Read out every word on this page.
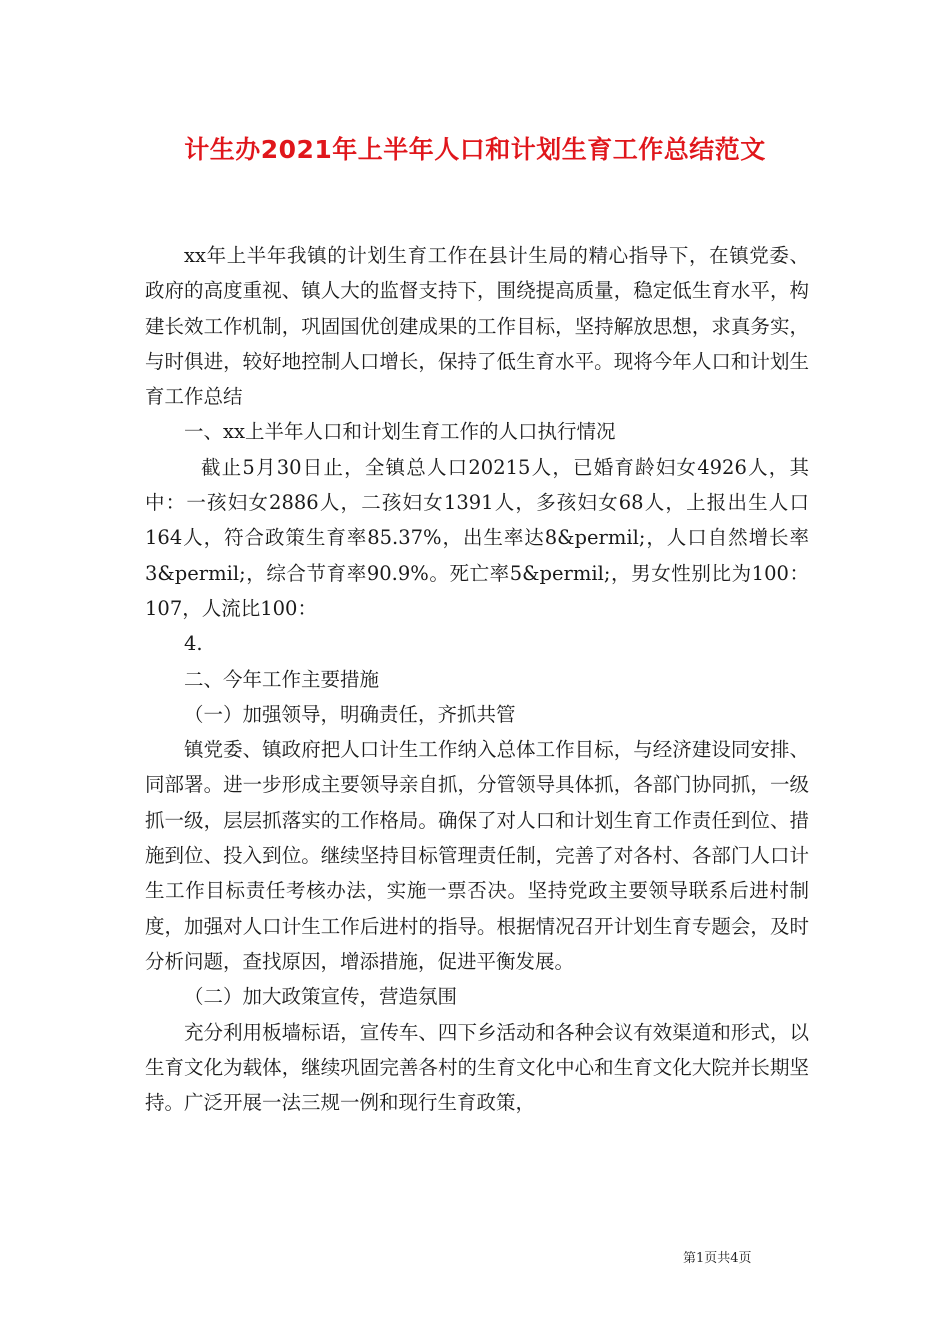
计生办2021年上半年人口和计划生育工作总结范文

xx年上半年我镇的计划生育工作在县计生局的精心指导下，在镇党委、政府的高度重视、镇人大的监督支持下，围绕提高质量，稳定低生育水平，构建长效工作机制，巩固国优创建成果的工作目标，坚持解放思想，求真务实，与时俱进，较好地控制人口增长，保持了低生育水平。现将今年人口和计划生育工作总结

一、xx上半年人口和计划生育工作的人口执行情况

截止5月30日止，全镇总人口20215人，已婚育龄妇女4926人，其中：一孩妇女2886人，二孩妇女1391人，多孩妇女68人，上报出生人口164人，符合政策生育率85.37%，出生率达8&permil;，人口自然增长率3&permil;，综合节育率90.9%。死亡率5&permil;，男女性别比为100：107，人流比100：

4.

二、今年工作主要措施

（一）加强领导，明确责任，齐抓共管

镇党委、镇政府把人口计生工作纳入总体工作目标，与经济建设同安排、同部署。进一步形成主要领导亲自抓，分管领导具体抓，各部门协同抓，一级抓一级，层层抓落实的工作格局。确保了对人口和计划生育工作责任到位、措施到位、投入到位。继续坚持目标管理责任制，完善了对各村、各部门人口计生工作目标责任考核办法，实施一票否决。坚持党政主要领导联系后进村制度，加强对人口计生工作后进村的指导。根据情况召开计划生育专题会，及时分析问题，查找原因，增添措施，促进平衡发展。

（二）加大政策宣传，营造氛围

充分利用板墙标语，宣传车、四下乡活动和各种会议有效渠道和形式，以生育文化为载体，继续巩固完善各村的生育文化中心和生育文化大院并长期坚持。广泛开展一法三规一例和现行生育政策，

第1页共4页
